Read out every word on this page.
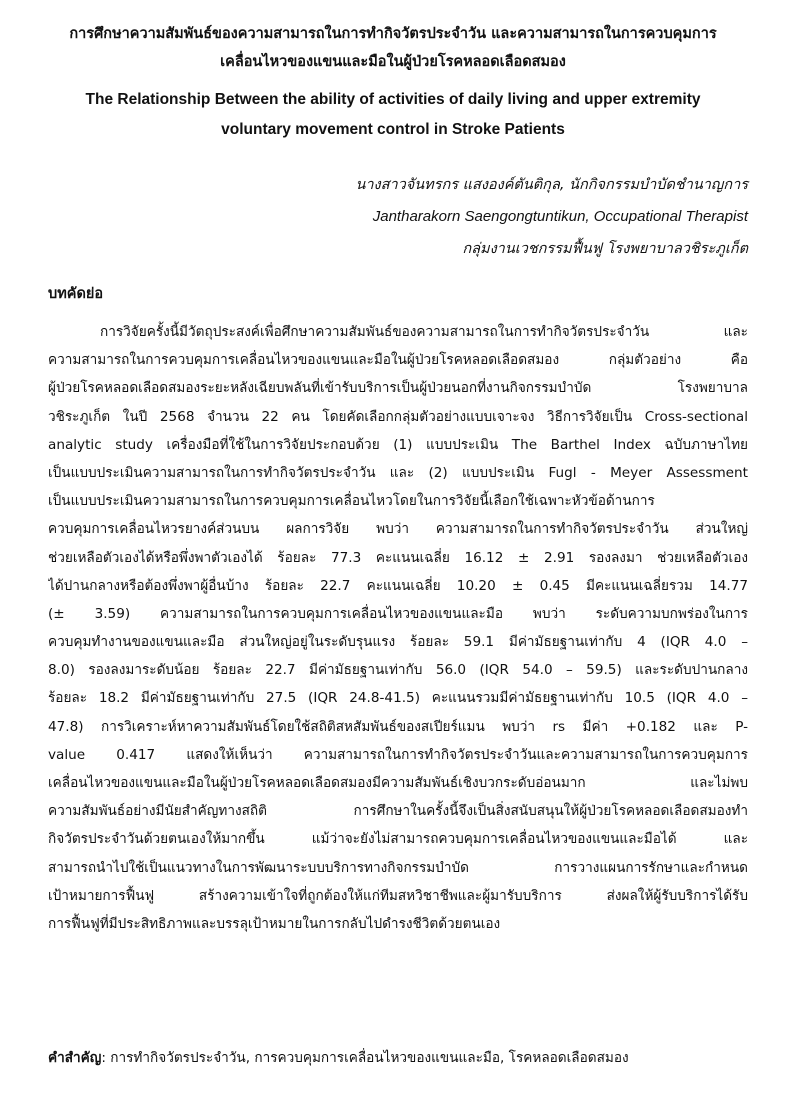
การศึกษาความสัมพันธ์ของความสามารถในการทำกิจวัตรประจำวัน และความสามารถในการควบคุมการ

เคลื่อนไหวของแขนและมือในผู้ป่วยโรคหลอดเลือดสมอง

The Relationship Between the ability of activities of daily living and upper extremity

voluntary movement control in Stroke Patients

นางสาวจันทรกร แสงองค์ตันติกุล, นักกิจกรรมบำบัดชำนาญการ

Jantharakorn Saengongtuntikun, Occupational Therapist

กลุ่มงานเวชกรรมฟื้นฟู โรงพยาบาลวชิระภูเก็ต

บทคัดย่อ

การวิจัยครั้งนี้มีวัตถุประสงค์เพื่อศึกษาความสัมพันธ์ของความสามารถในการทำกิจวัตรประจำวัน และ
ความสามารถในการควบคุมการเคลื่อนไหวของแขนและมือในผู้ป่วยโรคหลอดเลือดสมอง กลุ่มตัวอย่าง คือ
ผู้ป่วยโรคหลอดเลือดสมองระยะหลังเฉียบพลันที่เข้ารับบริการเป็นผู้ป่วยนอกที่งานกิจกรรมบำบัด โรงพยาบาล
วชิระภูเก็ต ในปี 2568 จำนวน 22 คน โดยคัดเลือกกลุ่มตัวอย่างแบบเจาะจง วิธีการวิจัยเป็น Cross-sectional
analytic study เครื่องมือที่ใช้ในการวิจัยประกอบด้วย (1) แบบประเมิน The Barthel Index ฉบับภาษาไทย
เป็นแบบประเมินความสามารถในการทำกิจวัตรประจำวัน และ (2) แบบประเมิน Fugl - Meyer Assessment
เป็นแบบประเมินความสามารถในการควบคุมการเคลื่อนไหวโดยในการวิจัยนี้เลือกใช้เฉพาะหัวข้อด้านการ
ควบคุมการเคลื่อนไหวรยางค์ส่วนบน ผลการวิจัย พบว่า ความสามารถในการทำกิจวัตรประจำวัน ส่วนใหญ่
ช่วยเหลือตัวเองได้หรือพึ่งพาตัวเองได้ ร้อยละ 77.3 คะแนนเฉลี่ย 16.12 ± 2.91 รองลงมา ช่วยเหลือตัวเอง
ได้ปานกลางหรือต้องพึ่งพาผู้อื่นบ้าง ร้อยละ 22.7 คะแนนเฉลี่ย 10.20 ± 0.45 มีคะแนนเฉลี่ยรวม 14.77
(± 3.59) ความสามารถในการควบคุมการเคลื่อนไหวของแขนและมือ พบว่า ระดับความบกพร่องในการ
ควบคุมทำงานของแขนและมือ ส่วนใหญ่อยู่ในระดับรุนแรง ร้อยละ 59.1 มีค่ามัธยฐานเท่ากับ 4 (IQR 4.0 –
8.0) รองลงมาระดับน้อย ร้อยละ 22.7 มีค่ามัธยฐานเท่ากับ 56.0 (IQR 54.0 – 59.5) และระดับปานกลาง
ร้อยละ 18.2 มีค่ามัธยฐานเท่ากับ 27.5 (IQR 24.8-41.5) คะแนนรวมมีค่ามัธยฐานเท่ากับ 10.5 (IQR 4.0 –
47.8) การวิเคราะห์หาความสัมพันธ์โดยใช้สถิติสหสัมพันธ์ของสเปียร์แมน พบว่า rs มีค่า +0.182 และ P-
value 0.417 แสดงให้เห็นว่า ความสามารถในการทำกิจวัตรประจำวันและความสามารถในการควบคุมการ
เคลื่อนไหวของแขนและมือในผู้ป่วยโรคหลอดเลือดสมองมีความสัมพันธ์เชิงบวกระดับอ่อนมาก และไม่พบ
ความสัมพันธ์อย่างมีนัยสำคัญทางสถิติ การศึกษาในครั้งนี้จึงเป็นสิ่งสนับสนุนให้ผู้ป่วยโรคหลอดเลือดสมองทำ
กิจวัตรประจำวันด้วยตนเองให้มากขึ้น แม้ว่าจะยังไม่สามารถควบคุมการเคลื่อนไหวของแขนและมือได้ และ
สามารถนำไปใช้เป็นแนวทางในการพัฒนาระบบบริการทางกิจกรรมบำบัด การวางแผนการรักษาและกำหนด
เป้าหมายการฟื้นฟู สร้างความเข้าใจที่ถูกต้องให้แก่ทีมสหวิชาชีพและผู้มารับบริการ ส่งผลให้ผู้รับบริการได้รับ
การฟื้นฟูที่มีประสิทธิภาพและบรรลุเป้าหมายในการกลับไปดำรงชีวิตด้วยตนเอง

คำสำคัญ: การทำกิจวัตรประจำวัน, การควบคุมการเคลื่อนไหวของแขนและมือ, โรคหลอดเลือดสมอง
